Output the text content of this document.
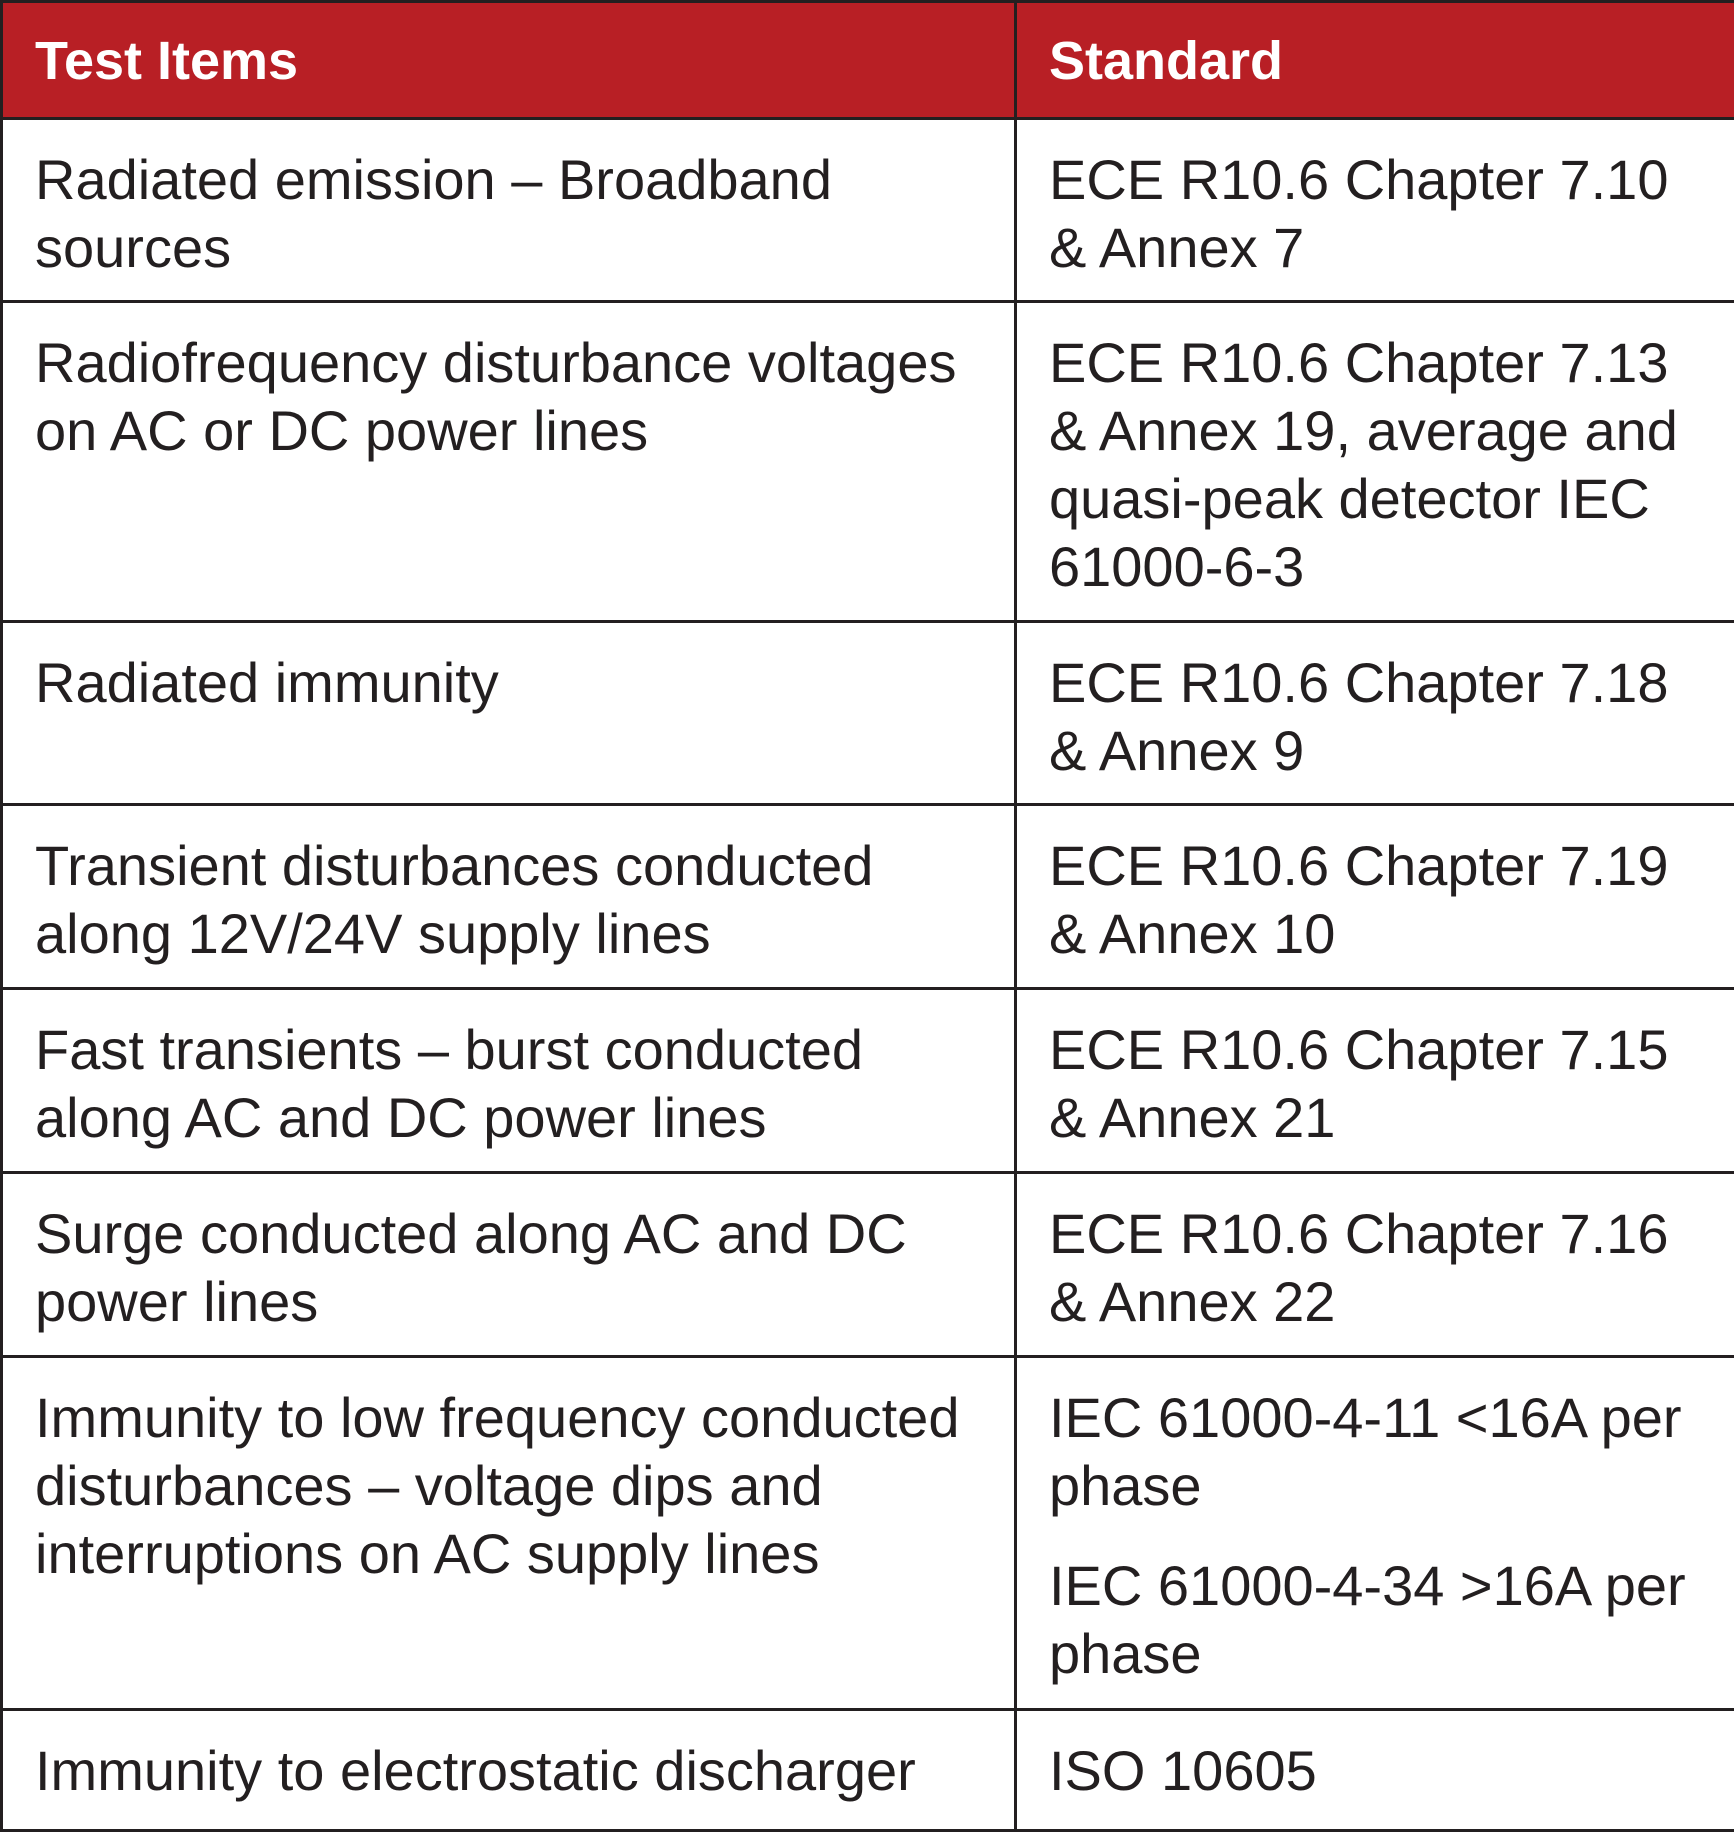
Test Items	Standard
Radiated emission – Broadband sources	ECE R10.6 Chapter 7.10 & Annex 7

Radiofrequency disturbance voltages on AC or DC power lines	ECE R10.6 Chapter 7.13 & Annex 19, average and quasi-peak detector IEC 61000-6-3

Radiated immunity	ECE R10.6 Chapter 7.18 & Annex 9

Transient disturbances conducted along 12V/24V supply lines	ECE R10.6 Chapter 7.19 & Annex 10

Fast transients – burst conducted along AC and DC power lines	ECE R10.6 Chapter 7.15 & Annex 21

Surge conducted along AC and DC power lines	ECE R10.6 Chapter 7.16 & Annex 22

Immunity to low frequency conducted disturbances – voltage dips and interruptions on AC supply lines	IEC 61000-4-11 <16A per phase
IEC 61000-4-34 >16A per phase

Immunity to electrostatic discharger	ISO 10605
